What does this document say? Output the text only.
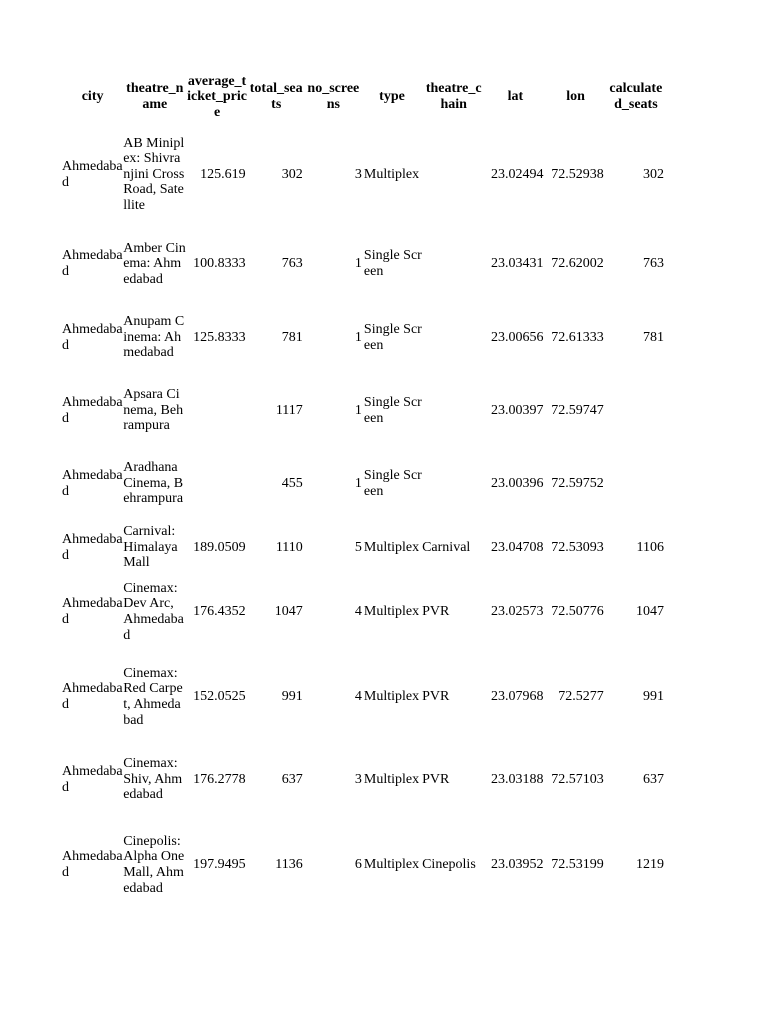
city	theatre_name	average_ticket_price	total_seats	no_screens	type	theatre_chain	lat	lon	calculated_seats
Ahmedabad	AB Miniplex: Shivranjini Cross Road, Satellite	125.619	302	3	Multiplex		23.02494	72.52938	302
Ahmedabad	Amber Cinema: Ahmedabad	100.8333	763	1	Single Screen		23.03431	72.62002	763
Ahmedabad	Anupam Cinema: Ahmedabad	125.8333	781	1	Single Screen		23.00656	72.61333	781
Ahmedabad	Apsara Cinema, Behrampura		1117	1	Single Screen		23.00397	72.59747	
Ahmedabad	Aradhana Cinema, Behrampura		455	1	Single Screen		23.00396	72.59752	
Ahmedabad	Carnival: Himalaya Mall	189.0509	1110	5	Multiplex	Carnival	23.04708	72.53093	1106
Ahmedabad	Cinemax: Dev Arc, Ahmedabad	176.4352	1047	4	Multiplex	PVR	23.02573	72.50776	1047
Ahmedabad	Cinemax: Red Carpet, Ahmedabad	152.0525	991	4	Multiplex	PVR	23.07968	72.5277	991
Ahmedabad	Cinemax: Shiv, Ahmedabad	176.2778	637	3	Multiplex	PVR	23.03188	72.57103	637
Ahmedabad	Cinepolis: Alpha One Mall, Ahmedabad	197.9495	1136	6	Multiplex	Cinepolis	23.03952	72.53199	1219
